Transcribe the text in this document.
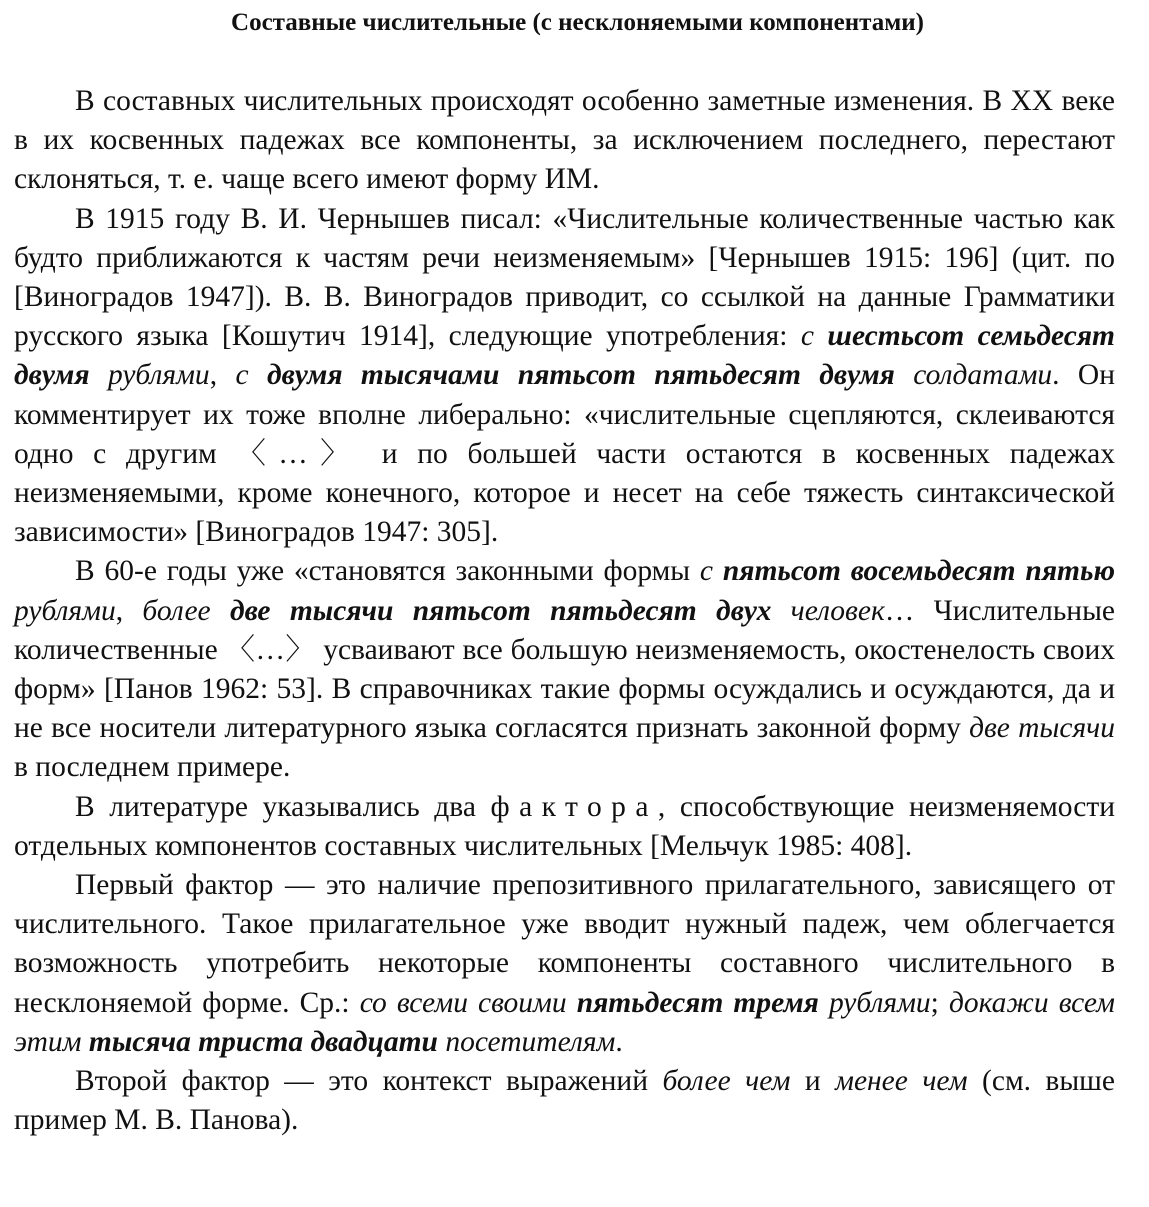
Составные числительные (с несклоняемыми компонентами)

В составных числительных происходят особенно заметные изменения. В XX веке в их косвенных падежах все компоненты, за исключением последнего, перестают склоняться, т. е. чаще всего имеют форму ИМ.

В 1915 году В. И. Чернышев писал: «Числительные количественные частью как будто приближаются к частям речи неизменяемым» [Чернышев 1915: 196] (цит. по [Виноградов 1947]). В. В. Виноградов приводит, со ссылкой на данные Грамматики русского языка [Кошутич 1914], следующие употребления: с шестьсот семьдесят двумя рублями, с двумя тысячами пятьсот пятьдесят двумя солдатами. Он комментирует их тоже вполне либерально: «числительные сцепляются, склеиваются одно с другим 〈…〉 и по большей части остаются в косвенных падежах неизменяемыми, кроме конечного, которое и несет на себе тяжесть синтаксической зависимости» [Виноградов 1947: 305].

В 60-е годы уже «становятся законными формы с пятьсот восемьдесят пятью рублями, более две тысячи пятьсот пятьдесят двух человек… Числительные количественные 〈…〉 усваивают все большую неизменяемость, окостенелость своих форм» [Панов 1962: 53]. В справочниках такие формы осуждались и осуждаются, да и не все носители литературного языка согласятся признать законной форму две тысячи в последнем примере.

В литературе указывались два фактора, способствующие неизменяемости отдельных компонентов составных числительных [Мельчук 1985: 408].

Первый фактор — это наличие препозитивного прилагательного, зависящего от числительного. Такое прилагательное уже вводит нужный падеж, чем облегчается возможность употребить некоторые компоненты составного числительного в несклоняемой форме. Ср.: со всеми своими пятьдесят тремя рублями; докажи всем этим тысяча триста двадцати посетителям.

Второй фактор — это контекст выражений более чем и менее чем (см. выше пример М. В. Панова).
